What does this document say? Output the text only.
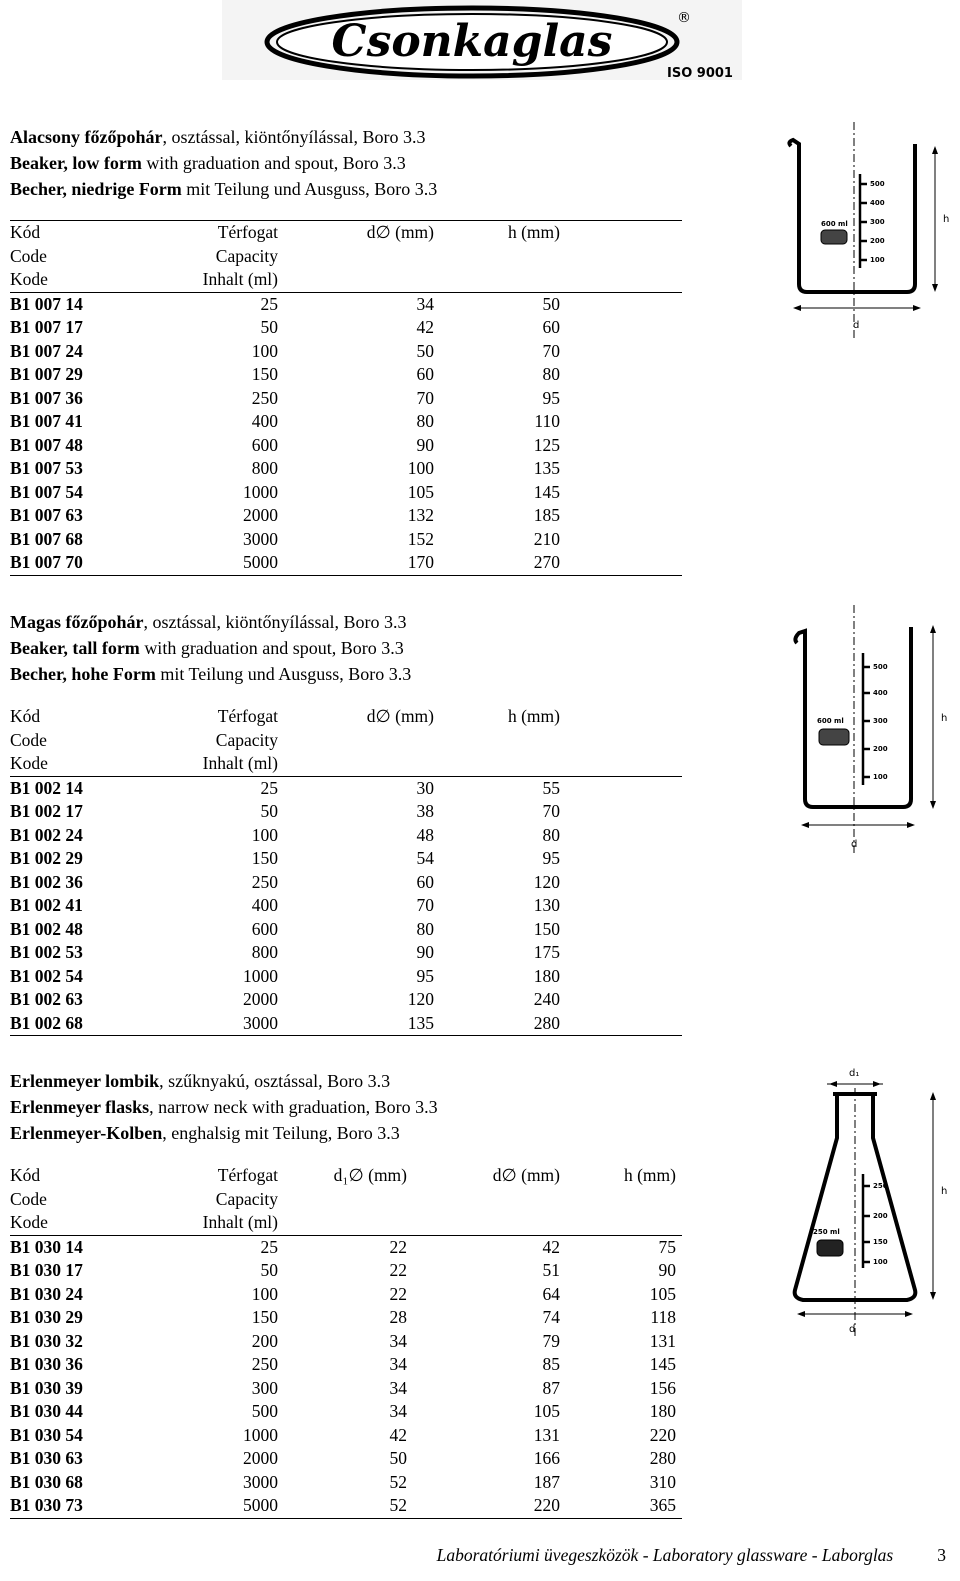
Csonkaglas	®
ISO 9001
Alacsony főzőpohár, osztással, kiöntőnyílással, Boro 3.3
Beaker, low form with graduation and spout, Boro 3.3
Becher, niedrige Form mit Teilung und Ausguss, Boro 3.3
Kód	Térfogat	d∅ (mm)	h (mm)
Code	Capacity
Kode	Inhalt (ml)
B1 007 14	25	34	50
B1 007 17	50	42	60
B1 007 24	100	50	70
B1 007 29	150	60	80
B1 007 36	250	70	95
B1 007 41	400	80	110
B1 007 48	600	90	125
B1 007 53	800	100	135
B1 007 54	1000	105	145
B1 007 63	2000	132	185
B1 007 68	3000	152	210
B1 007 70	5000	170	270
500
400
300
200
100
600 ml	h
d
Magas főzőpohár, osztással, kiöntőnyílással, Boro 3.3
Beaker, tall form with graduation and spout, Boro 3.3
Becher, hohe Form mit Teilung und Ausguss, Boro 3.3
Kód	Térfogat	d∅ (mm)	h (mm)
Code	Capacity
Kode	Inhalt (ml)
B1 002 14	25	30	55
B1 002 17	50	38	70
B1 002 24	100	48	80
B1 002 29	150	54	95
B1 002 36	250	60	120
B1 002 41	400	70	130
B1 002 48	600	80	150
B1 002 53	800	90	175
B1 002 54	1000	95	180
B1 002 63	2000	120	240
B1 002 68	3000	135	280
500
400
300
200
100
600 ml	h
d
Erlenmeyer lombik, szűknyakú, osztással, Boro 3.3
Erlenmeyer flasks, narrow neck with graduation, Boro 3.3
Erlenmeyer-Kolben, enghalsig mit Teilung, Boro 3.3
Kód	Térfogat	d₁∅ (mm)	d∅ (mm)	h (mm)
Code	Capacity
Kode	Inhalt (ml)
B1 030 14	25	22	42	75
B1 030 17	50	22	51	90
B1 030 24	100	22	64	105
B1 030 29	150	28	74	118
B1 030 32	200	34	79	131
B1 030 36	250	34	85	145
B1 030 39	300	34	87	156
B1 030 44	500	34	105	180
B1 030 54	1000	42	131	220
B1 030 63	2000	50	166	280
B1 030 68	3000	52	187	310
B1 030 73	5000	52	220	365
d₁
250
200
150
100
250 ml
h
d
Laboratóriumi üvegeszközök - Laboratory glassware - Laborglas	3
